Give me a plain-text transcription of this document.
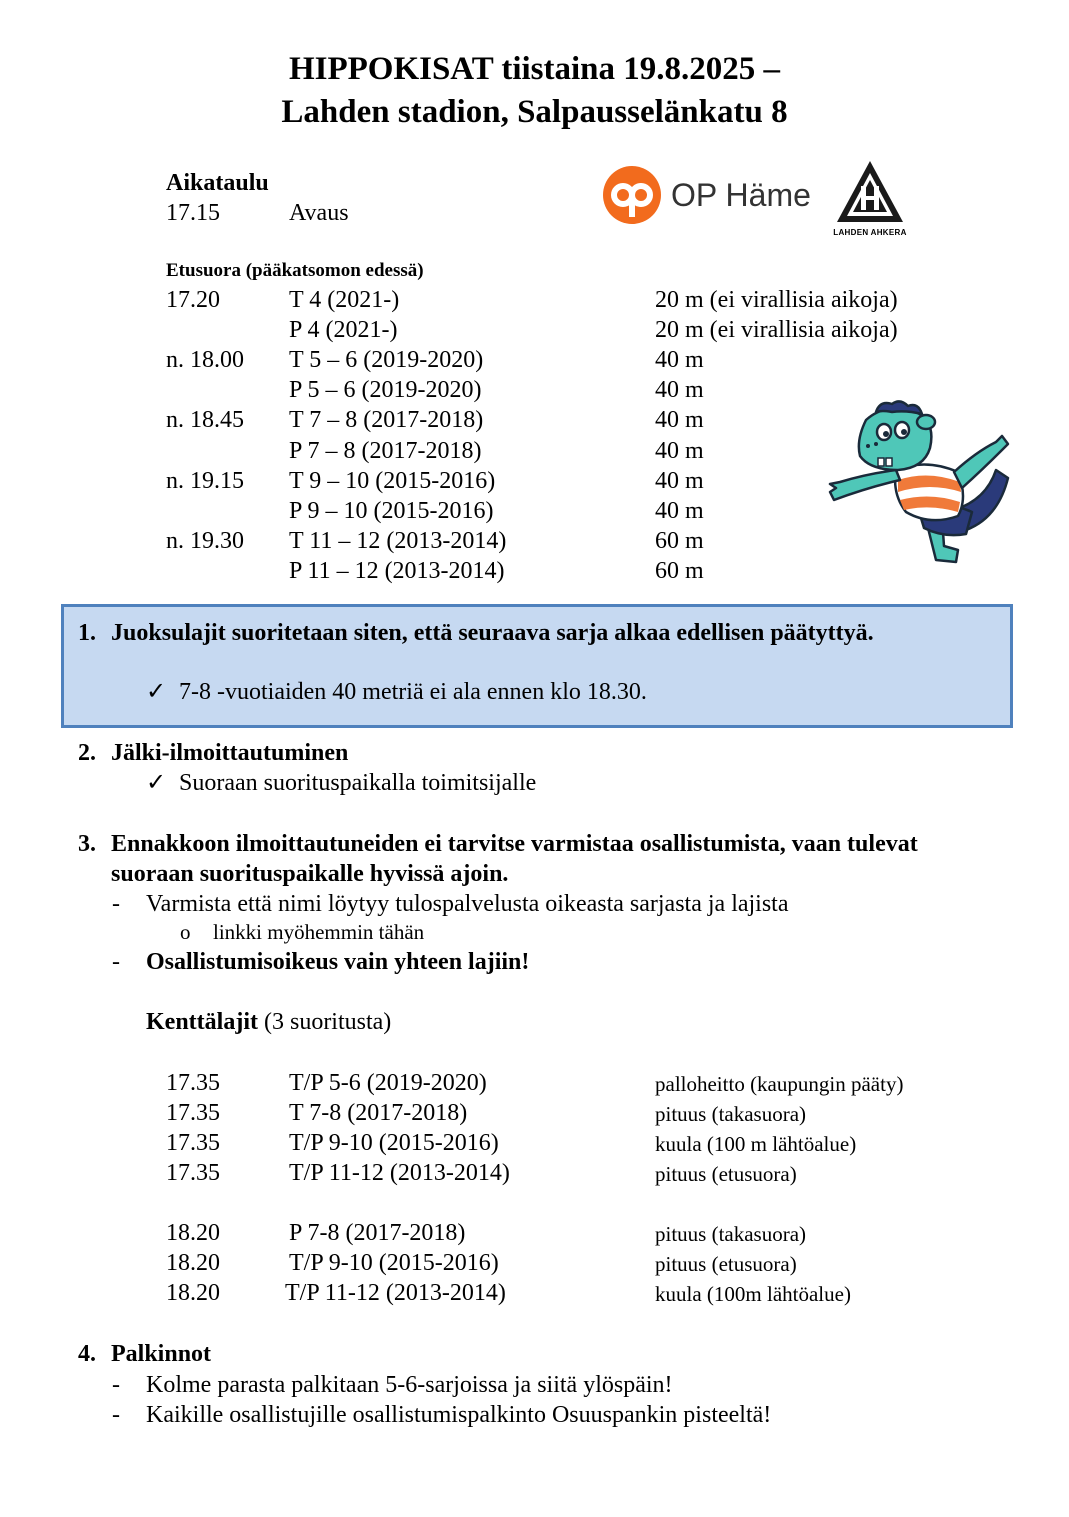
HIPPOKISAT tiistaina 19.8.2025 –
Lahden stadion, Salpausselänkatu 8
OP Häme
LAHDEN AHKERA
Aikataulu
17.15	Avaus
Etusuora (pääkatsomon edessä)
17.20	T 4 (2021-)	20 m (ei virallisia aikoja)
P 4 (2021-)	20 m (ei virallisia aikoja)
n. 18.00 T 5 – 6 (2019-2020)	40 m
P 5 – 6 (2019-2020)	40 m
n. 18.45 T 7 – 8 (2017-2018)	40 m
P 7 – 8 (2017-2018)	40 m
n. 19.15 T 9 – 10 (2015-2016)	40 m
P 9 – 10 (2015-2016)	40 m
n. 19.30 T 11 – 12 (2013-2014)	60 m
P 11 – 12 (2013-2014)	60 m
1. Juoksulajit suoritetaan siten, että seuraava sarja alkaa edellisen päätyttyä.
✓ 7-8 -vuotiaiden 40 metriä ei ala ennen klo 18.30.
2. Jälki-ilmoittautuminen
✓ Suoraan suorituspaikalla toimitsijalle
3. Ennakkoon ilmoittautuneiden ei tarvitse varmistaa osallistumista, vaan tulevat
suoraan suorituspaikalle hyvissä ajoin.
- Varmista että nimi löytyy tulospalvelusta oikeasta sarjasta ja lajista
o linkki myöhemmin tähän
- Osallistumisoikeus vain yhteen lajiin!
Kenttälajit (3 suoritusta)
17.35	T/P 5-6 (2019-2020)	palloheitto (kaupungin pääty)
17.35	T 7-8 (2017-2018)	pituus (takasuora)
17.35	T/P 9-10 (2015-2016)	kuula (100 m lähtöalue)
17.35	T/P 11-12 (2013-2014)	pituus (etusuora)
18.20	P 7-8 (2017-2018)	pituus (takasuora)
18.20	T/P 9-10 (2015-2016)	pituus (etusuora)
18.20	T/P 11-12 (2013-2014)	kuula (100m lähtöalue)
4. Palkinnot
- Kolme parasta palkitaan 5-6-sarjoissa ja siitä ylöspäin!
- Kaikille osallistujille osallistumispalkinto Osuuspankin pisteeltä!
